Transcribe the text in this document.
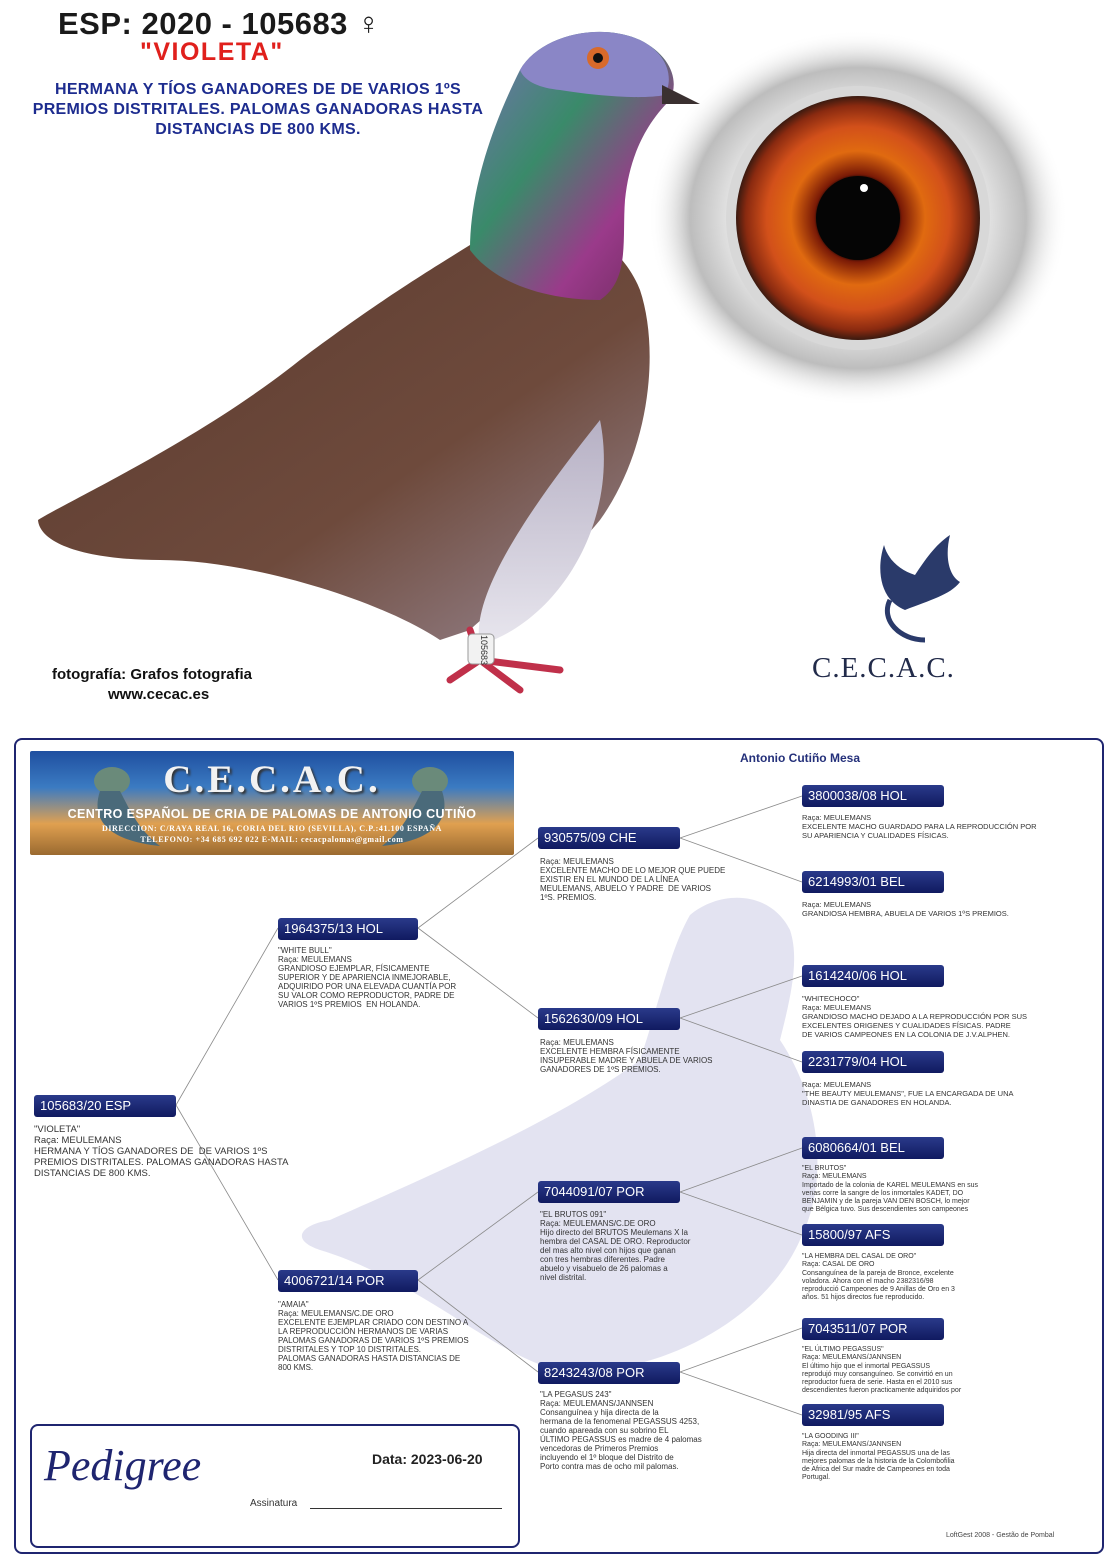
105683
ESP: 2020 - 105683 ♀
"VIOLETA"
HERMANA Y TÍOS GANADORES DE DE VARIOS 1ºS PREMIOS DISTRITALES. PALOMAS GANADORAS HASTA DISTANCIAS DE 800 KMS.
fotografía: Grafos fotografia
www.cecac.es
C.E.C.A.C.
C.E.C.A.C.
CENTRO ESPAÑOL DE CRIA DE PALOMAS DE ANTONIO CUTIÑO
DIRECCION: C/RAYA REAL 16, CORIA DEL RIO (SEVILLA), C.P.:41.100 ESPAÑA
TELEFONO: +34 685 692 022 E-MAIL: cecacpalomas@gmail.com
Antonio Cutiño Mesa
105683/20 ESP
"VIOLETA"
Raça: MEULEMANS
HERMANA Y TÍOS GANADORES DE  DE VARIOS 1ºS
PREMIOS DISTRITALES. PALOMAS GANADORAS HASTA
DISTANCIAS DE 800 KMS.
1964375/13 HOL
"WHITE BULL"
Raça: MEULEMANS
GRANDIOSO EJEMPLAR, FÍSICAMENTE
SUPERIOR Y DE APARIENCIA INMEJORABLE,
ADQUIRIDO POR UNA ELEVADA CUANTÍA POR
SU VALOR COMO REPRODUCTOR, PADRE DE
VARIOS 1ºS PREMIOS  EN HOLANDA.
4006721/14 POR
"AMAIA"
Raça: MEULEMANS/C.DE ORO
EXCELENTE EJEMPLAR CRIADO CON DESTINO A
LA REPRODUCCIÓN HERMANOS DE VARIAS
PALOMAS GANADORAS DE VARIOS 1ºS PREMIOS
DISTRITALES Y TOP 10 DISTRITALES.
PALOMAS GANADORAS HASTA DISTANCIAS DE
800 KMS.
930575/09 CHE
Raça: MEULEMANS
EXCELENTE MACHO DE LO MEJOR QUE PUEDE
EXISTIR EN EL MUNDO DE LA LÍNEA
MEULEMANS, ABUELO Y PADRE  DE VARIOS
1ºS. PREMIOS.
1562630/09 HOL
Raça: MEULEMANS
EXCELENTE HEMBRA FÍSICAMENTE
INSUPERABLE MADRE Y ABUELA DE VARIOS
GANADORES DE 1ºS PREMIOS.
7044091/07 POR
"EL BRUTOS 091"
Raça: MEULEMANS/C.DE ORO
Hijo directo del BRUTOS Meulemans X la
hembra del CASAL DE ORO. Reproductor
del mas alto nivel con hijos que ganan
con tres hembras diferentes. Padre
abuelo y visabuelo de 26 palomas a
nivel distrital.
8243243/08 POR
"LA PEGASUS 243"
Raça: MEULEMANS/JANNSEN
Consanguínea y hija directa de la
hermana de la fenomenal PEGASSUS 4253,
cuando apareada con su sobrino EL
ÚLTIMO PEGASSUS es madre de 4 palomas
vencedoras de Primeros Premios
incluyendo el 1º bloque del Distrito de
Porto contra mas de ocho mil palomas.
3800038/08 HOL
Raça: MEULEMANS
EXCELENTE MACHO GUARDADO PARA LA REPRODUCCIÓN POR
SU APARIENCIA Y CUALIDADES FÍSICAS.
6214993/01 BEL
Raça: MEULEMANS
GRANDIOSA HEMBRA, ABUELA DE VARIOS 1ºS PREMIOS.
1614240/06 HOL
"WHITECHOCO"
Raça: MEULEMANS
GRANDIOSO MACHO DEJADO A LA REPRODUCCIÓN POR SUS
EXCELENTES ORIGENES Y CUALIDADES FÍSICAS. PADRE
DE VARIOS CAMPEONES EN LA COLONIA DE J.V.ALPHEN.
2231779/04 HOL
Raça: MEULEMANS
"THE BEAUTY MEULEMANS", FUE LA ENCARGADA DE UNA
DINASTIA DE GANADORES EN HOLANDA.
6080664/01 BEL
"EL BRUTOS"
Raça: MEULEMANS
Importado de la colonia de KAREL MEULEMANS en sus
venas corre la sangre de los inmortales KADET, DO
BENJAMIN y de la pareja VAN DEN BOSCH, lo mejor
que Bélgica tuvo. Sus descendientes son campeones
15800/97 AFS
"LA HEMBRA DEL CASAL DE ORO"
Raça: CASAL DE ORO
Consanguínea de la pareja de Bronce, excelente
voladora. Ahora con el macho 2382316/98
reproducció Campeones de 9 Anillas de Oro en 3
años. 51 hijos directos fue reproducido.
7043511/07 POR
"EL ÚLTIMO PEGASSUS"
Raça: MEULEMANS/JANNSEN
El último hijo que el inmortal PEGASSUS
reprodujó muy consanguíneo. Se convirtió en un
reproductor fuera de serie. Hasta en el 2010 sus
descendientes fueron practicamente adquiridos por
32981/95 AFS
"LA GOODING III"
Raça: MEULEMANS/JANNSEN
Hija directa del inmortal PEGASSUS una de las
mejores palomas de la historia de la Colombofilia
de Africa del Sur madre de Campeones en toda
Portugal.
Pedigree	Data: 2023-06-20
Assinatura
LoftGest 2008 - Gestão de Pombal
